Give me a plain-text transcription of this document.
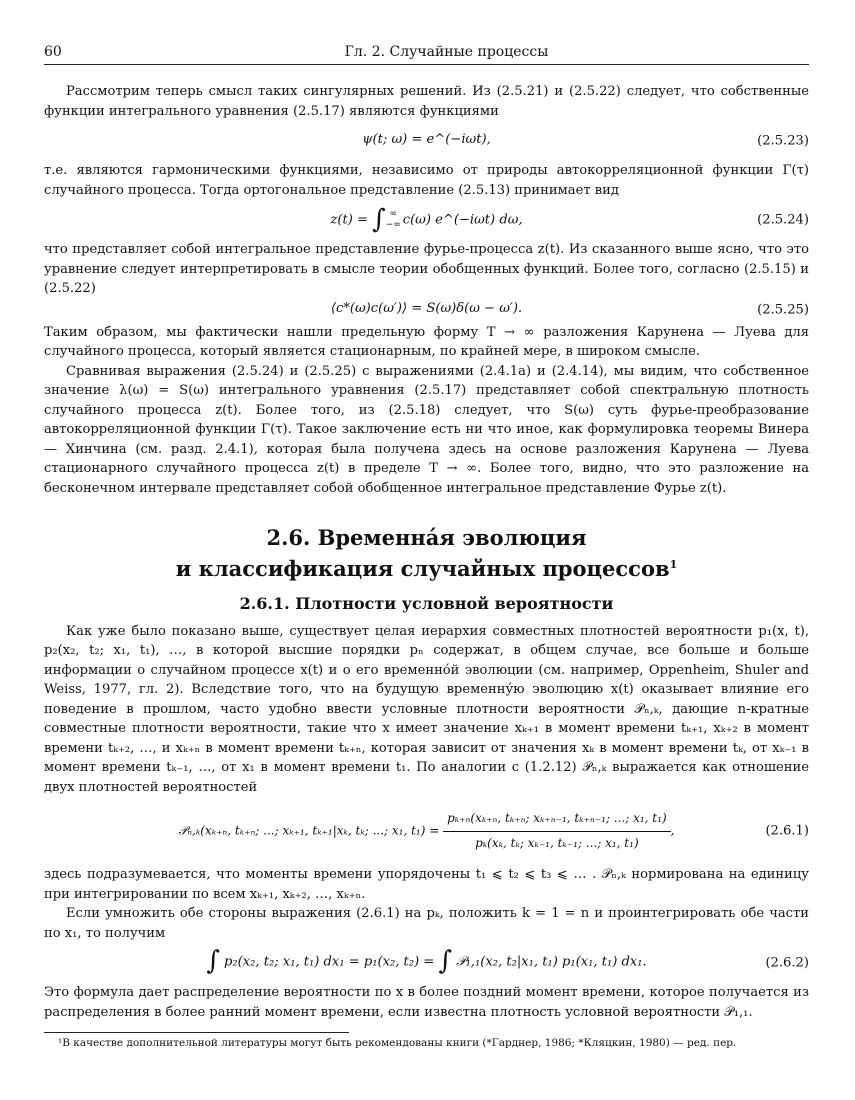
60	Гл. 2. Случайные процессы

Рассмотрим теперь смысл таких сингулярных решений. Из (2.5.21) и (2.5.22) следует, что собственные функции интегрального уравнения (2.5.17) являются функциями

ψ(t; ω) = e^(−iωt),	(2.5.23)

т.е. являются гармоническими функциями, независимо от природы автокорреляционной функции Γ(τ) случайного процесса. Тогда ортогональное представление (2.5.13) принимает вид

z(t) = ∫ ∞
−∞ c(ω) e^(−iωt) dω,	(2.5.24)

что представляет собой интегральное представление фурье-процесса z(t). Из сказанного выше ясно, что это уравнение следует интерпретировать в смысле теории обобщенных функций. Более того, согласно (2.5.15) и (2.5.22)

⟨c*(ω)c(ω′)⟩ = S(ω)δ(ω − ω′).	(2.5.25)

Таким образом, мы фактически нашли предельную форму T → ∞ разложения Карунена — Луева для случайного процесса, который является стационарным, по крайней мере, в широком смысле.

Сравнивая выражения (2.5.24) и (2.5.25) с выражениями (2.4.1a) и (2.4.14), мы видим, что собственное значение λ(ω) = S(ω) интегрального уравнения (2.5.17) представляет собой спектральную плотность случайного процесса z(t). Более того, из (2.5.18) следует, что S(ω) суть фурье-преобразование автокорреляционной функции Γ(τ). Такое заключение есть ни что иное, как формулировка теоремы Винера — Хинчина (см. разд. 2.4.1), которая была получена здесь на основе разложения Карунена — Луева стационарного случайного процесса z(t) в пределе T → ∞. Более того, видно, что это разложение на бесконечном интервале представляет собой обобщенное интегральное представление Фурье z(t).

2.6. Временна́я эволюция
и классификация случайных процессов$^1$
2.6.1. Плотности условной вероятности

Как уже было показано выше, существует целая иерархия совместных плотностей вероятности p₁(x, t), p₂(x₂, t₂; x₁, t₁), …, в которой высшие порядки pₙ содержат, в общем случае, все больше и больше информации о случайном процессе x(t) и о его временно́й эволюции (см. например, Oppenheim, Shuler and Weiss, 1977, гл. 2). Вследствие того, что на будущую временну́ю эволюцию x(t) оказывает влияние его поведение в прошлом, часто удобно ввести условные плотности вероятности 𝒫ₙ,ₖ, дающие n-кратные совместные плотности вероятности, такие что x имеет значение xₖ₊₁ в момент времени tₖ₊₁, xₖ₊₂ в момент времени tₖ₊₂, …, и xₖ₊ₙ в момент времени tₖ₊ₙ, которая зависит от значения xₖ в момент времени tₖ, от xₖ₋₁ в момент времени tₖ₋₁, …, от x₁ в момент времени t₁. По аналогии с (1.2.12) 𝒫ₙ,ₖ выражается как отношение двух плотностей вероятностей

𝒫ₙ,ₖ(xₖ₊ₙ, tₖ₊ₙ; ...; xₖ₊₁, tₖ₊₁|xₖ, tₖ; ...; x₁, $t_1) = \frac{\text{pₖ₊ₙ(xₖ₊ₙ, tₖ₊ₙ; xₖ₊ₙ₋₁, tₖ₊ₙ₋₁; ...; x₁, t₁)}}{\text{pₖ(xₖ, tₖ; xₖ₋₁, tₖ₋₁; ...; x₁, t₁)}}$ ,	(2.6.1)

здесь подразумевается, что моменты времени упорядочены t₁ ⩽ t₂ ⩽ t₃ ⩽ … . 𝒫ₙ,ₖ нормирована на единицу при интегрировании по всем xₖ₊₁, xₖ₊₂, …, xₖ₊ₙ.

Если умножить обе стороны выражения (2.6.1) на pₖ, положить k = 1 = n и проинтегрировать обе части по x₁, то получим

∫ p₂(x₂, t₂; x₁, t₁) dx₁ = p₁(x₂, t₂) = ∫ 𝒫₁,₁(x₂, t₂|x₁, t₁) p₁(x₁, t₁) dx₁.	(2.6.2)

Это формула дает распределение вероятности по x в более поздний момент времени, которое получается из распределения в более ранний момент времени, если известна плотность условной вероятности 𝒫₁,₁.

¹В качестве дополнительной литературы могут быть рекомендованы книги (*Гарднер, 1986; *Кляцкин, 1980) — ред. пер.
